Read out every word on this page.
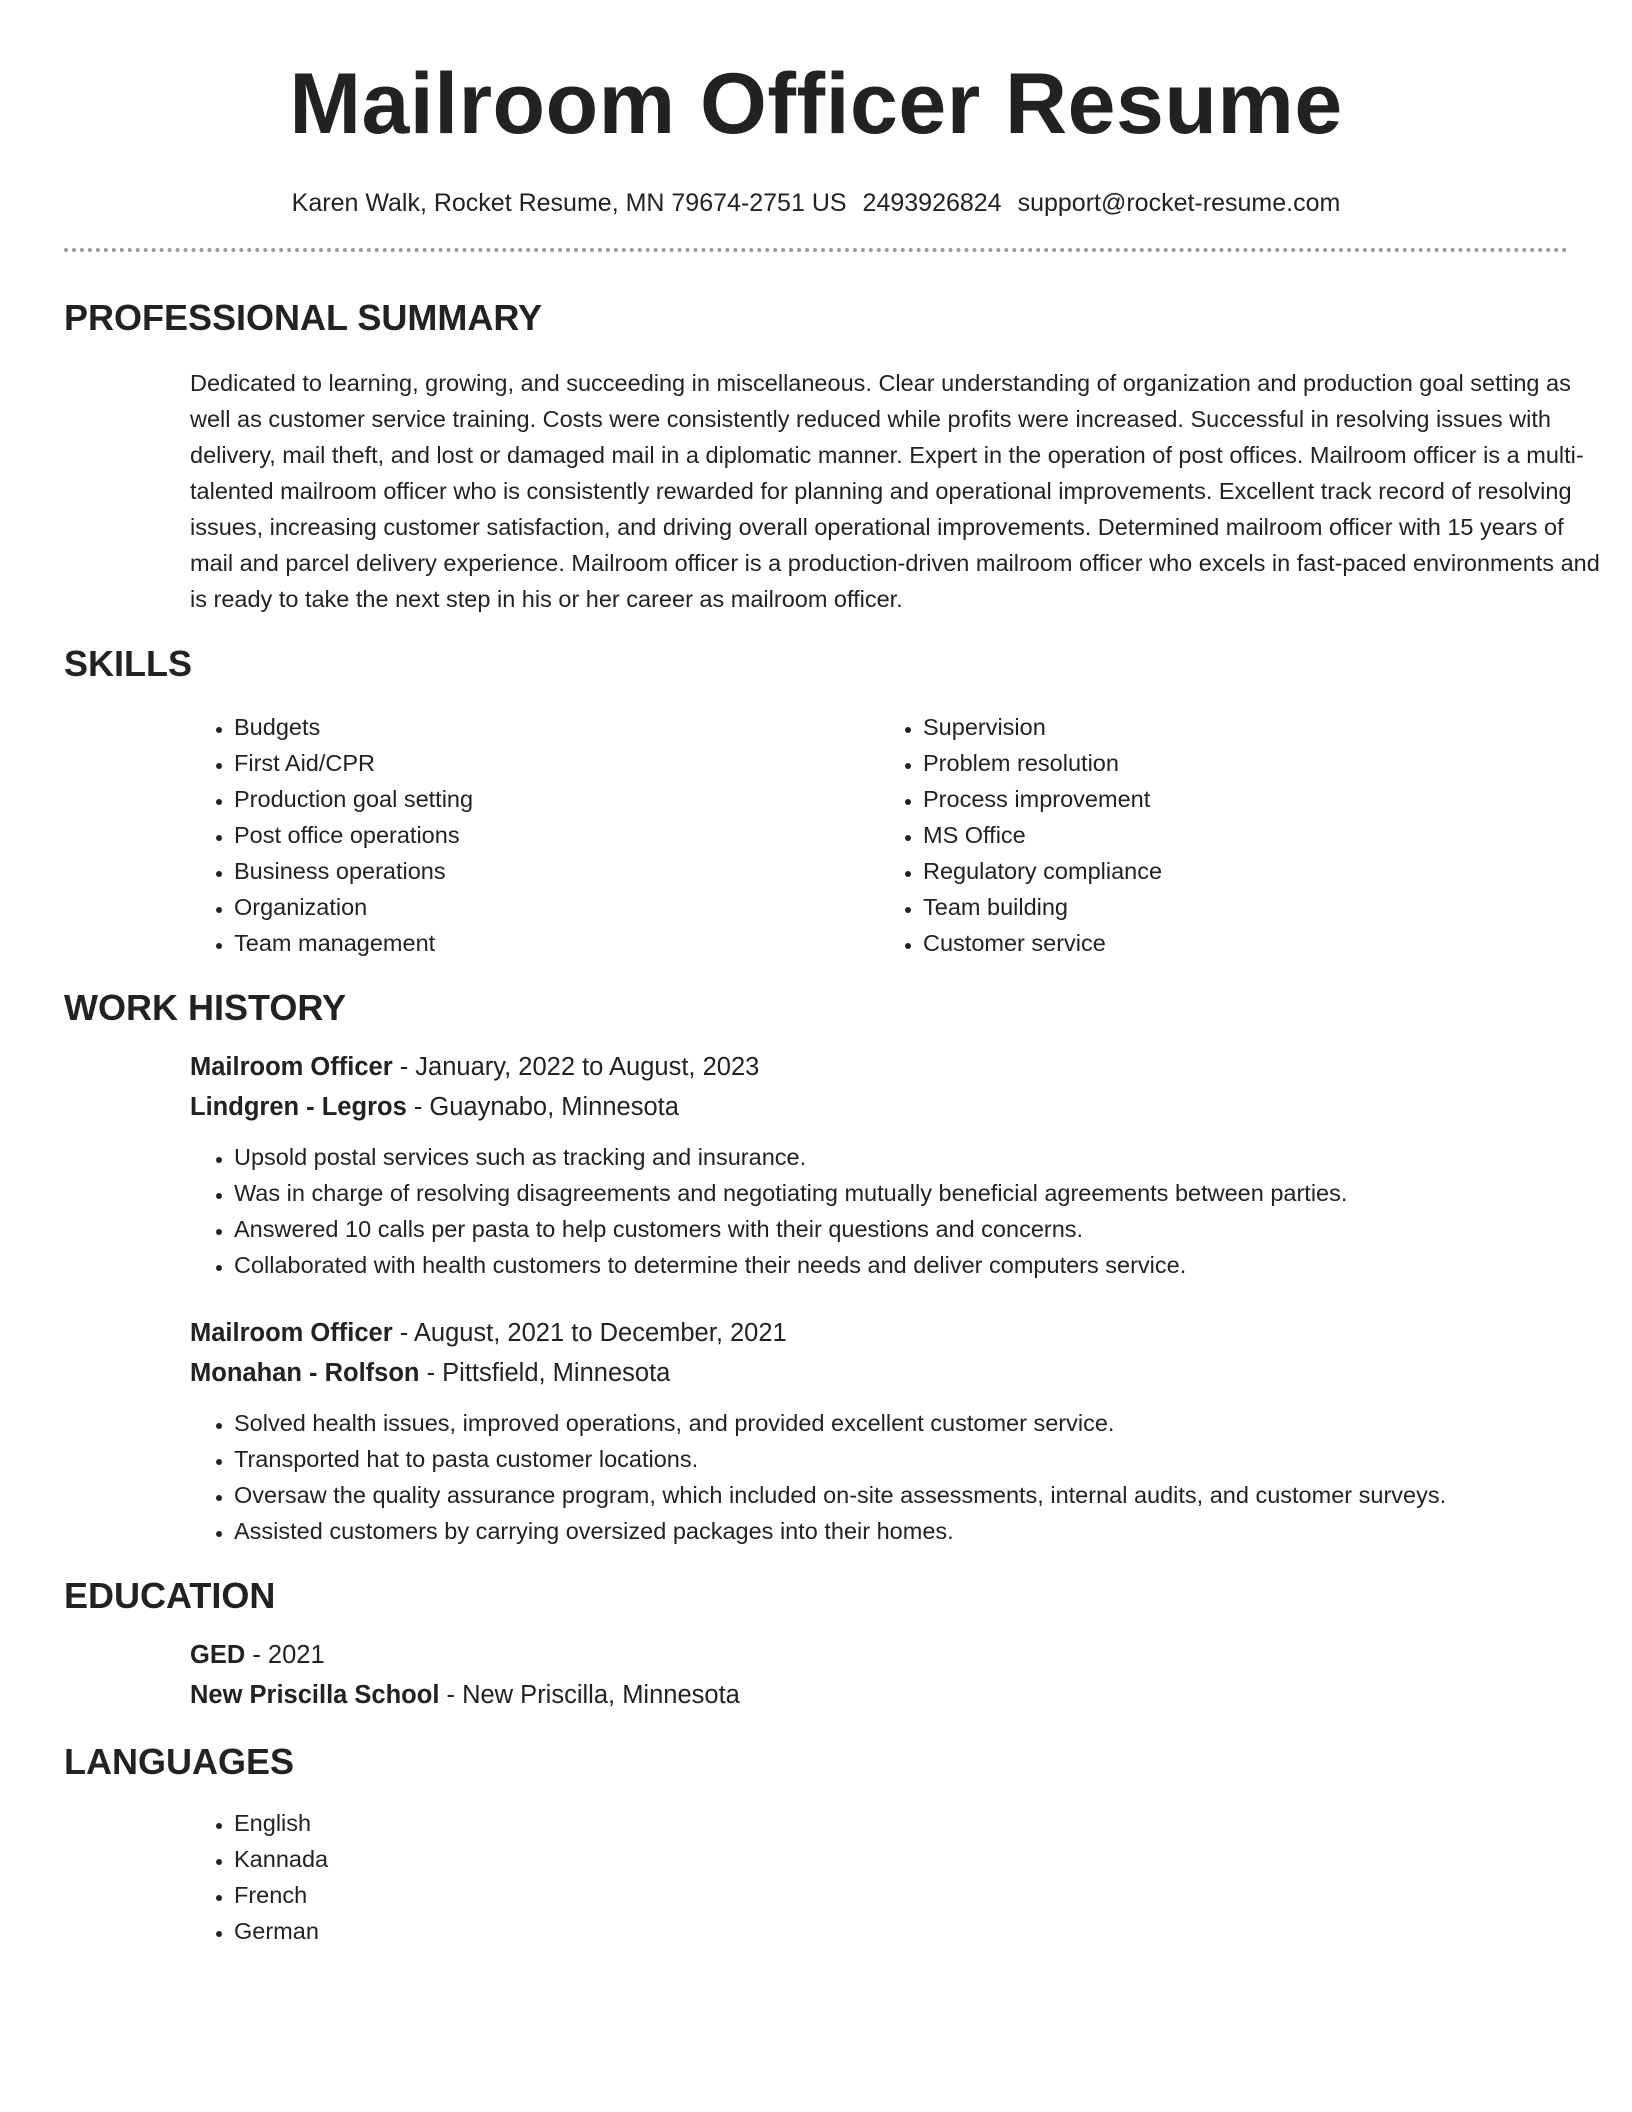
Mailroom Officer Resume
Karen Walk, Rocket Resume, MN 79674-2751 US 2493926824 support@rocket-resume.com
PROFESSIONAL SUMMARY

Dedicated to learning, growing, and succeeding in miscellaneous. Clear understanding of organization and production goal setting as well as customer service training. Costs were consistently reduced while profits were increased. Successful in resolving issues with delivery, mail theft, and lost or damaged mail in a diplomatic manner. Expert in the operation of post offices. Mailroom officer is a multi-talented mailroom officer who is consistently rewarded for planning and operational improvements. Excellent track record of resolving issues, increasing customer satisfaction, and driving overall operational improvements. Determined mailroom officer with 15 years of mail and parcel delivery experience. Mailroom officer is a production-driven mailroom officer who excels in fast-paced environments and is ready to take the next step in his or her career as mailroom officer.

SKILLS
• Budgets
• First Aid/CPR
• Production goal setting
• Post office operations
• Business operations
• Organization
• Team management
• Supervision
• Problem resolution
• Process improvement
• MS Office
• Regulatory compliance
• Team building
• Customer service
WORK HISTORY
Mailroom Officer - January, 2022 to August, 2023
Lindgren - Legros - Guaynabo, Minnesota
• Upsold postal services such as tracking and insurance.
• Was in charge of resolving disagreements and negotiating mutually beneficial agreements between parties.
• Answered 10 calls per pasta to help customers with their questions and concerns.
• Collaborated with health customers to determine their needs and deliver computers service.
Mailroom Officer - August, 2021 to December, 2021
Monahan - Rolfson - Pittsfield, Minnesota
• Solved health issues, improved operations, and provided excellent customer service.
• Transported hat to pasta customer locations.
• Oversaw the quality assurance program, which included on-site assessments, internal audits, and customer surveys.
• Assisted customers by carrying oversized packages into their homes.
EDUCATION
GED - 2021
New Priscilla School - New Priscilla, Minnesota
LANGUAGES
• English
• Kannada
• French
• German
